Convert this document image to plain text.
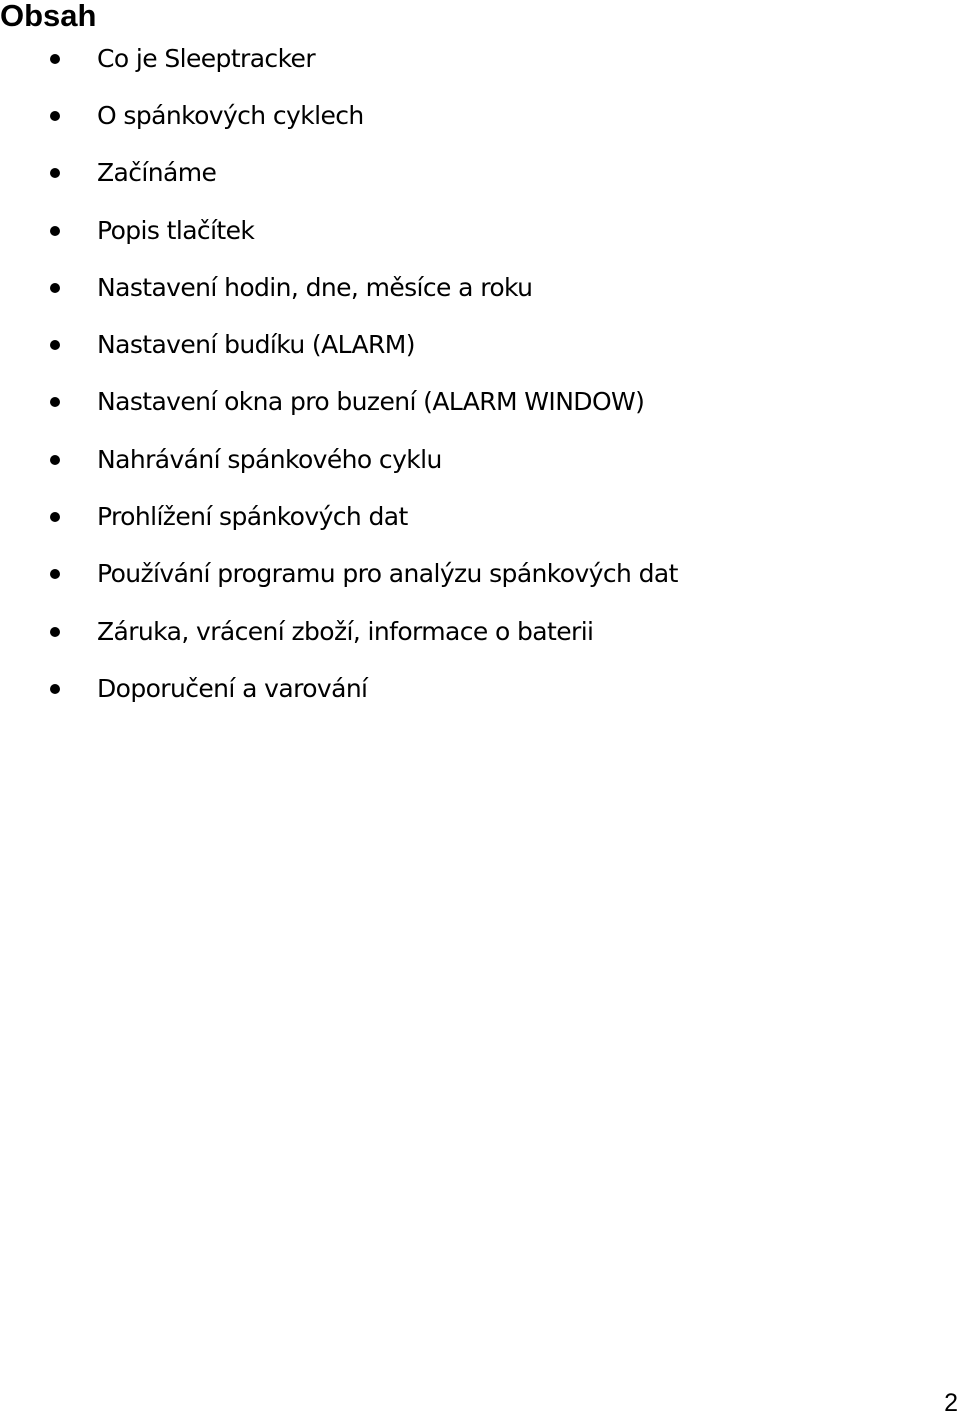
Obsah
Co je Sleeptracker
O spánkových cyklech
Začínáme
Popis tlačítek
Nastavení hodin, dne, měsíce a roku
Nastavení budíku (ALARM)
Nastavení okna pro buzení (ALARM WINDOW)
Nahrávání spánkového cyklu
Prohlížení spánkových dat
Používání programu pro analýzu spánkových dat
Záruka, vrácení zboží, informace o baterii
Doporučení a varování
2
